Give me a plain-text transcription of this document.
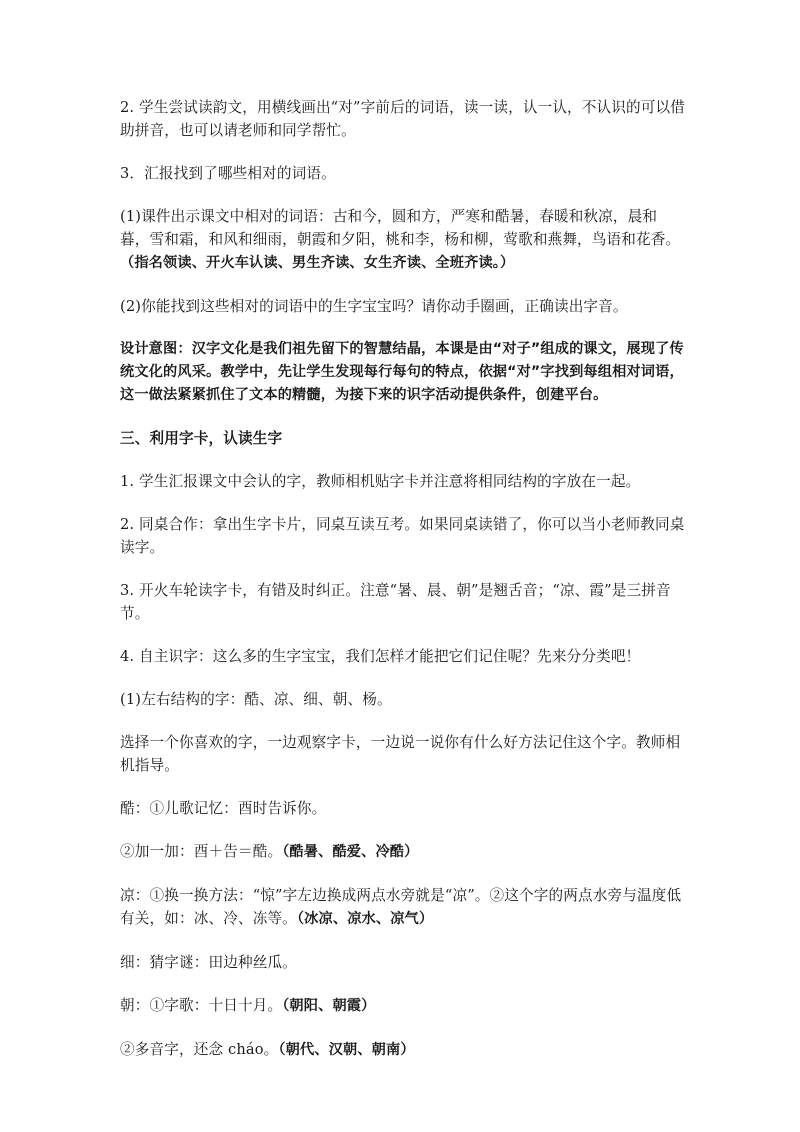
2. 学生尝试读韵文，用横线画出“对”字前后的词语，读一读，认一认，不认识的可以借助拼音，也可以请老师和同学帮忙。

3．汇报找到了哪些相对的词语。

(1)课件出示课文中相对的词语：古和今，圆和方，严寒和酷暑，春暖和秋凉，晨和暮，雪和霜，和风和细雨，朝霞和夕阳，桃和李，杨和柳，莺歌和燕舞，鸟语和花香。（指名领读、开火车认读、男生齐读、女生齐读、全班齐读。）

(2)你能找到这些相对的词语中的生字宝宝吗？请你动手圈画，正确读出字音。

设计意图：汉字文化是我们祖先留下的智慧结晶，本课是由“对子”组成的课文，展现了传统文化的风采。教学中，先让学生发现每行每句的特点，依据“对”字找到每组相对词语，这一做法紧紧抓住了文本的精髓，为接下来的识字活动提供条件，创建平台。

三、利用字卡，认读生字

1. 学生汇报课文中会认的字，教师相机贴字卡并注意将相同结构的字放在一起。

2. 同桌合作：拿出生字卡片，同桌互读互考。如果同桌读错了，你可以当小老师教同桌读字。

3. 开火车轮读字卡，有错及时纠正。注意“暑、晨、朝”是翘舌音；“凉、霞”是三拼音节。

4. 自主识字：这么多的生字宝宝，我们怎样才能把它们记住呢？先来分分类吧！

(1)左右结构的字：酷、凉、细、朝、杨。

选择一个你喜欢的字，一边观察字卡，一边说一说你有什么好方法记住这个字。教师相机指导。

酷：①儿歌记忆：酉时告诉你。

②加一加：酉＋告＝酷。（酷暑、酷爱、冷酷）

凉：①换一换方法：“惊”字左边换成两点水旁就是“凉”。②这个字的两点水旁与温度低有关，如：冰、冷、冻等。（冰凉、凉水、凉气）

细：猜字谜：田边种丝瓜。

朝：①字歌：十日十月。（朝阳、朝霞）

②多音字，还念 cháo。（朝代、汉朝、朝南）
